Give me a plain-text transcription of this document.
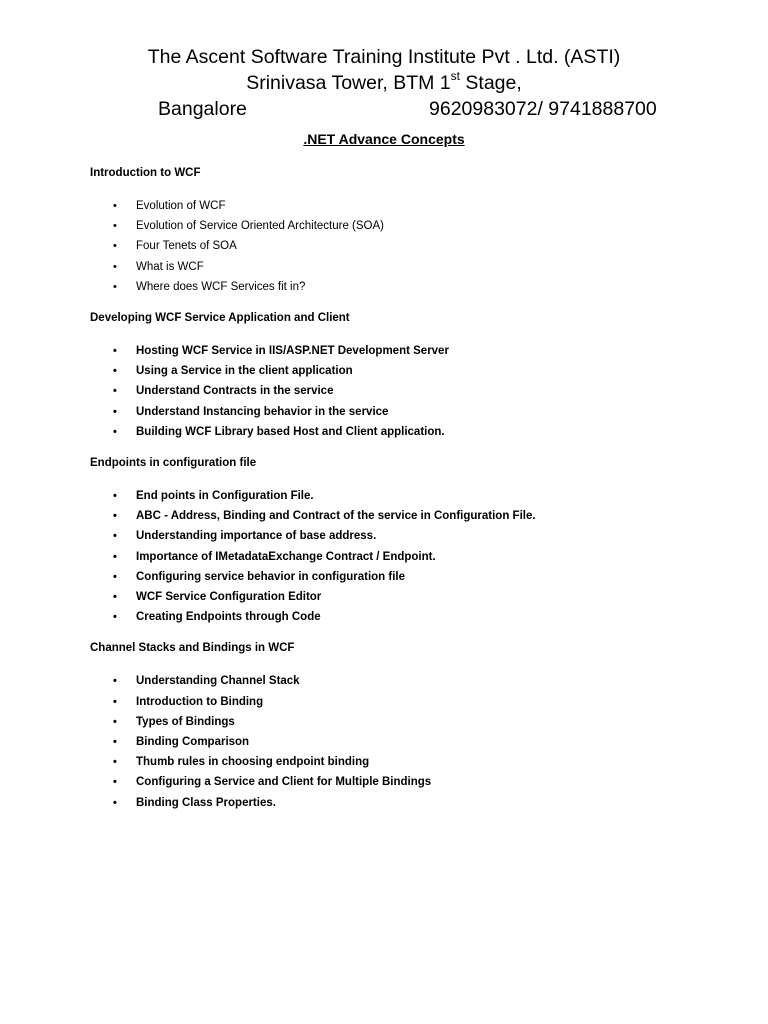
The Ascent Software Training Institute Pvt . Ltd. (ASTI)
Srinivasa Tower, BTM 1st Stage,
Bangalore	9620983072/ 9741888700
.NET Advance Concepts

Introduction to WCF

• Evolution of WCF
• Evolution of Service Oriented Architecture (SOA)
• Four Tenets of SOA
• What is WCF
• Where does WCF Services fit in?

Developing WCF Service Application and Client

• Hosting WCF Service in IIS/ASP.NET Development Server
• Using a Service in the client application
• Understand Contracts in the service
• Understand Instancing behavior in the service
• Building WCF Library based Host and Client application.

Endpoints in configuration file

• End points in Configuration File.
• ABC - Address, Binding and Contract of the service in Configuration File.
• Understanding importance of base address.
• Importance of IMetadataExchange Contract / Endpoint.
• Configuring service behavior in configuration file
• WCF Service Configuration Editor
• Creating Endpoints through Code

Channel Stacks and Bindings in WCF

• Understanding Channel Stack
• Introduction to Binding
• Types of Bindings
• Binding Comparison
• Thumb rules in choosing endpoint binding
• Configuring a Service and Client for Multiple Bindings
• Binding Class Properties.
